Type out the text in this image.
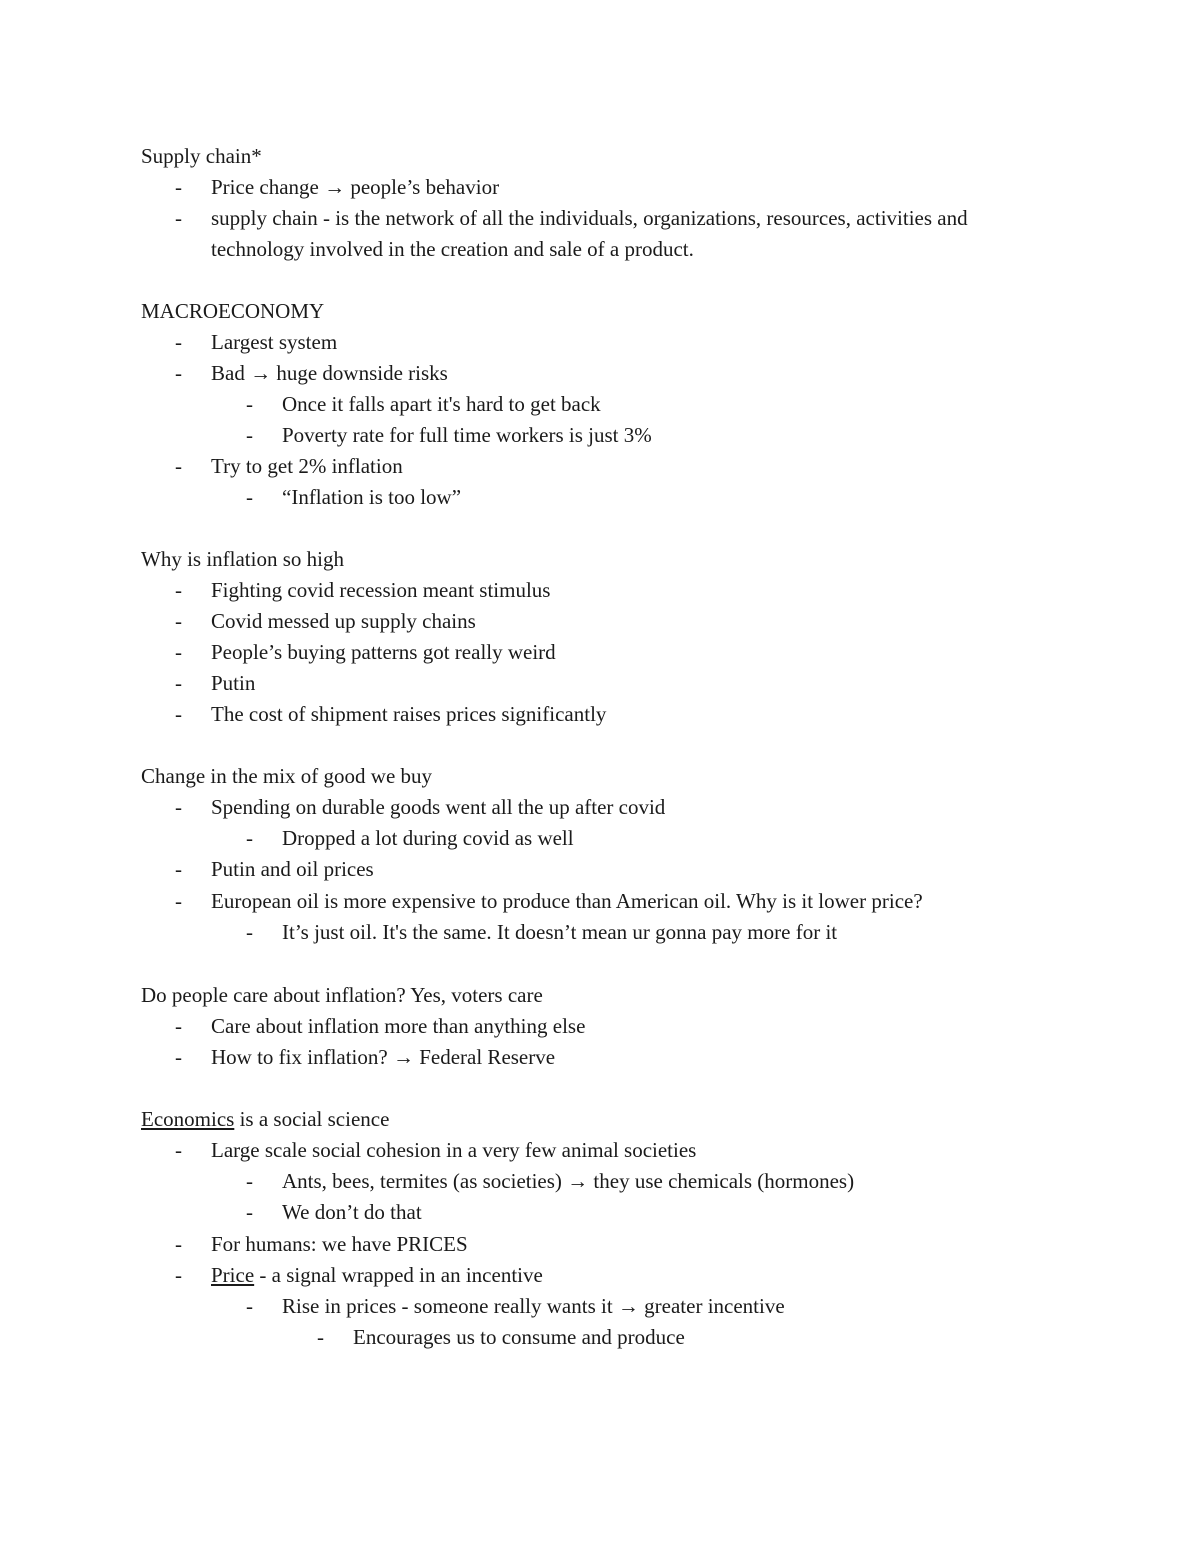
Supply chain*
- Price change → people’s behavior
- supply chain - is the network of all the individuals, organizations, resources, activities and technology involved in the creation and sale of a product.
MACROECONOMY
- Largest system
- Bad → huge downside risks
- Once it falls apart it's hard to get back
- Poverty rate for full time workers is just 3%
- Try to get 2% inflation
- “Inflation is too low”
Why is inflation so high
- Fighting covid recession meant stimulus
- Covid messed up supply chains
- People’s buying patterns got really weird
- Putin
- The cost of shipment raises prices significantly
Change in the mix of good we buy
- Spending on durable goods went all the up after covid
- Dropped a lot during covid as well
- Putin and oil prices
- European oil is more expensive to produce than American oil. Why is it lower price?
- It’s just oil. It's the same. It doesn’t mean ur gonna pay more for it
Do people care about inflation? Yes, voters care
- Care about inflation more than anything else
- How to fix inflation? → Federal Reserve
Economics is a social science
- Large scale social cohesion in a very few animal societies
- Ants, bees, termites (as societies) → they use chemicals (hormones)
- We don’t do that
- For humans: we have PRICES
- Price - a signal wrapped in an incentive
- Rise in prices - someone really wants it → greater incentive
- Encourages us to consume and produce
